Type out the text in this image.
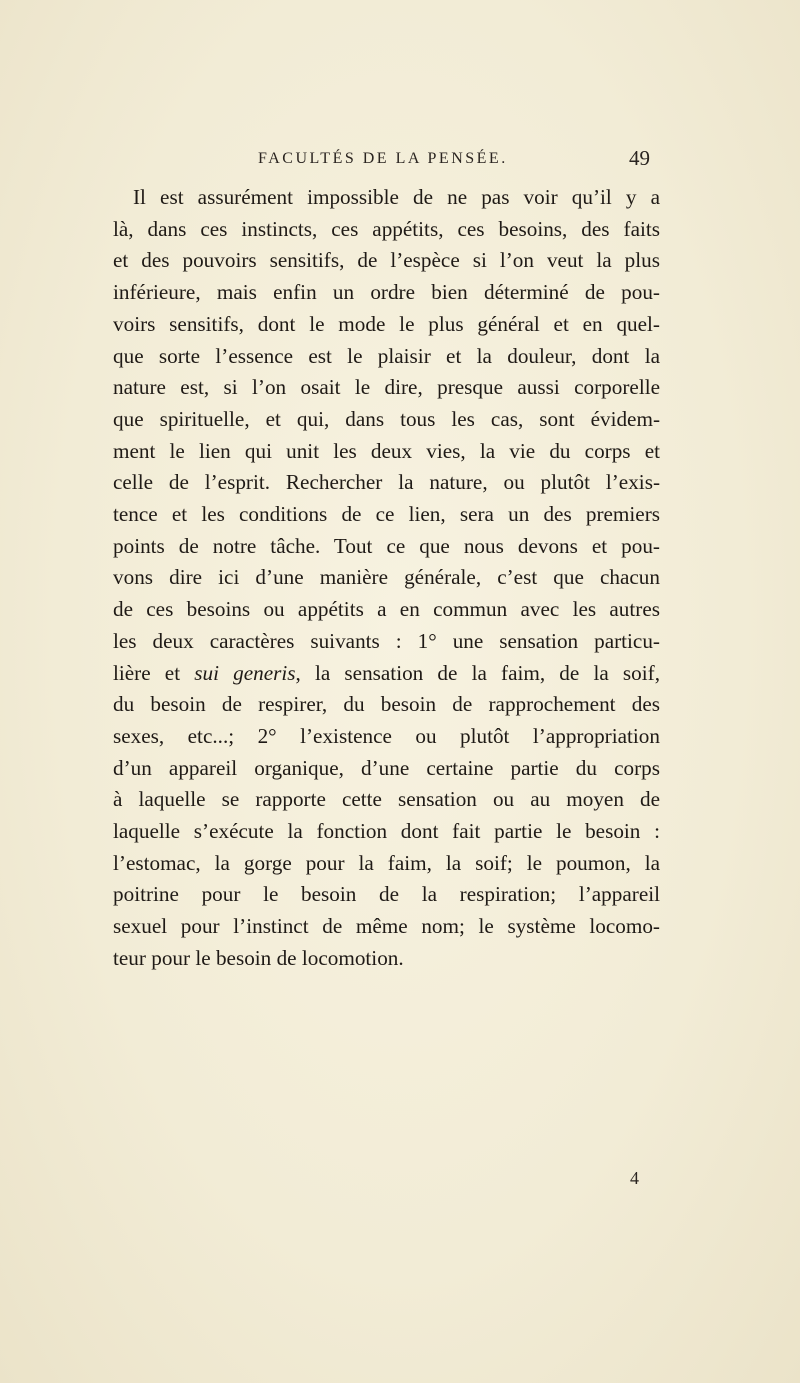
FACULTÉS DE LA PENSÉE.	49
Il est assurément impossible de ne pas voir qu’il y a
là, dans ces instincts, ces appétits, ces besoins, des faits
et des pouvoirs sensitifs, de l’espèce si l’on veut la plus
inférieure, mais enfin un ordre bien déterminé de pou-
voirs sensitifs, dont le mode le plus général et en quel-
que sorte l’essence est le plaisir et la douleur, dont la
nature est, si l’on osait le dire, presque aussi corporelle
que spirituelle, et qui, dans tous les cas, sont évidem-
ment le lien qui unit les deux vies, la vie du corps et
celle de l’esprit. Rechercher la nature, ou plutôt l’exis-
tence et les conditions de ce lien, sera un des premiers
points de notre tâche. Tout ce que nous devons et pou-
vons dire ici d’une manière générale, c’est que chacun
de ces besoins ou appétits a en commun avec les autres
les deux caractères suivants : 1° une sensation particu-
lière et sui generis, la sensation de la faim, de la soif,
du besoin de respirer, du besoin de rapprochement des
sexes, etc...; 2° l’existence ou plutôt l’appropriation
d’un appareil organique, d’une certaine partie du corps
à laquelle se rapporte cette sensation ou au moyen de
laquelle s’exécute la fonction dont fait partie le besoin :
l’estomac, la gorge pour la faim, la soif; le poumon, la
poitrine pour le besoin de la respiration; l’appareil
sexuel pour l’instinct de même nom; le système locomo-
teur pour le besoin de locomotion.
4
